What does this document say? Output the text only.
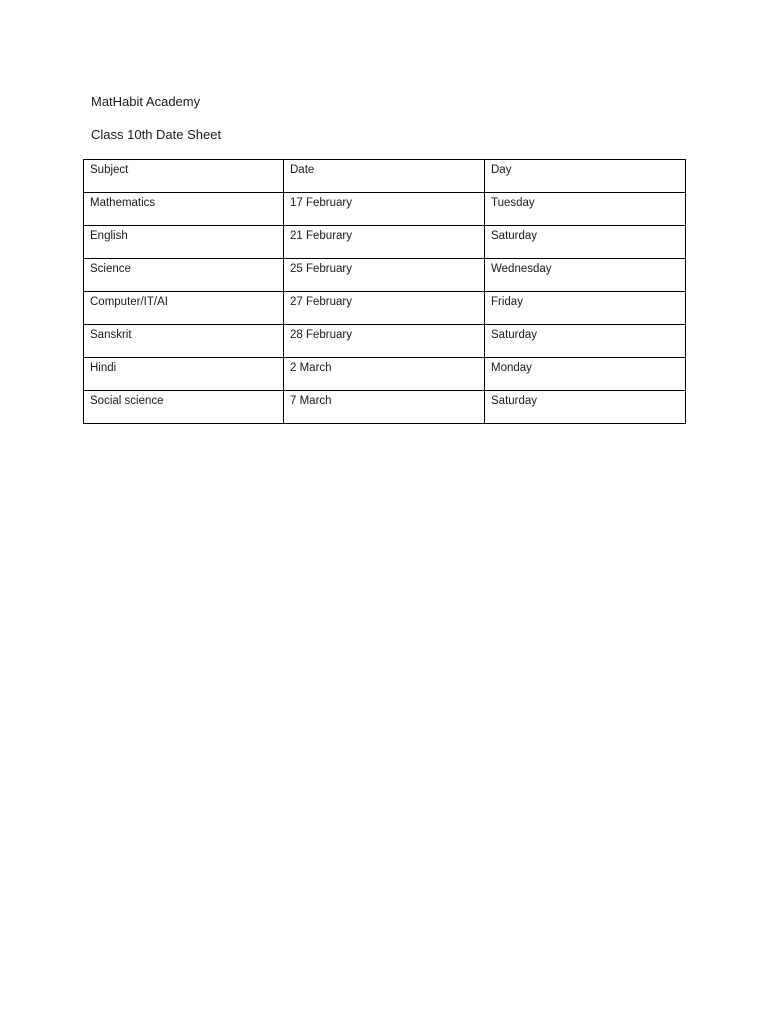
MatHabit Academy
Class 10th Date Sheet
Subject	Date	Day

Mathematics	17 February	Tuesday

English	21 Feburary	Saturday

Science	25 February	Wednesday

Computer/IT/AI	27 February	Friday

Sanskrit	28 February	Saturday

Hindi	2 March	Monday

Social science	7 March	Saturday
